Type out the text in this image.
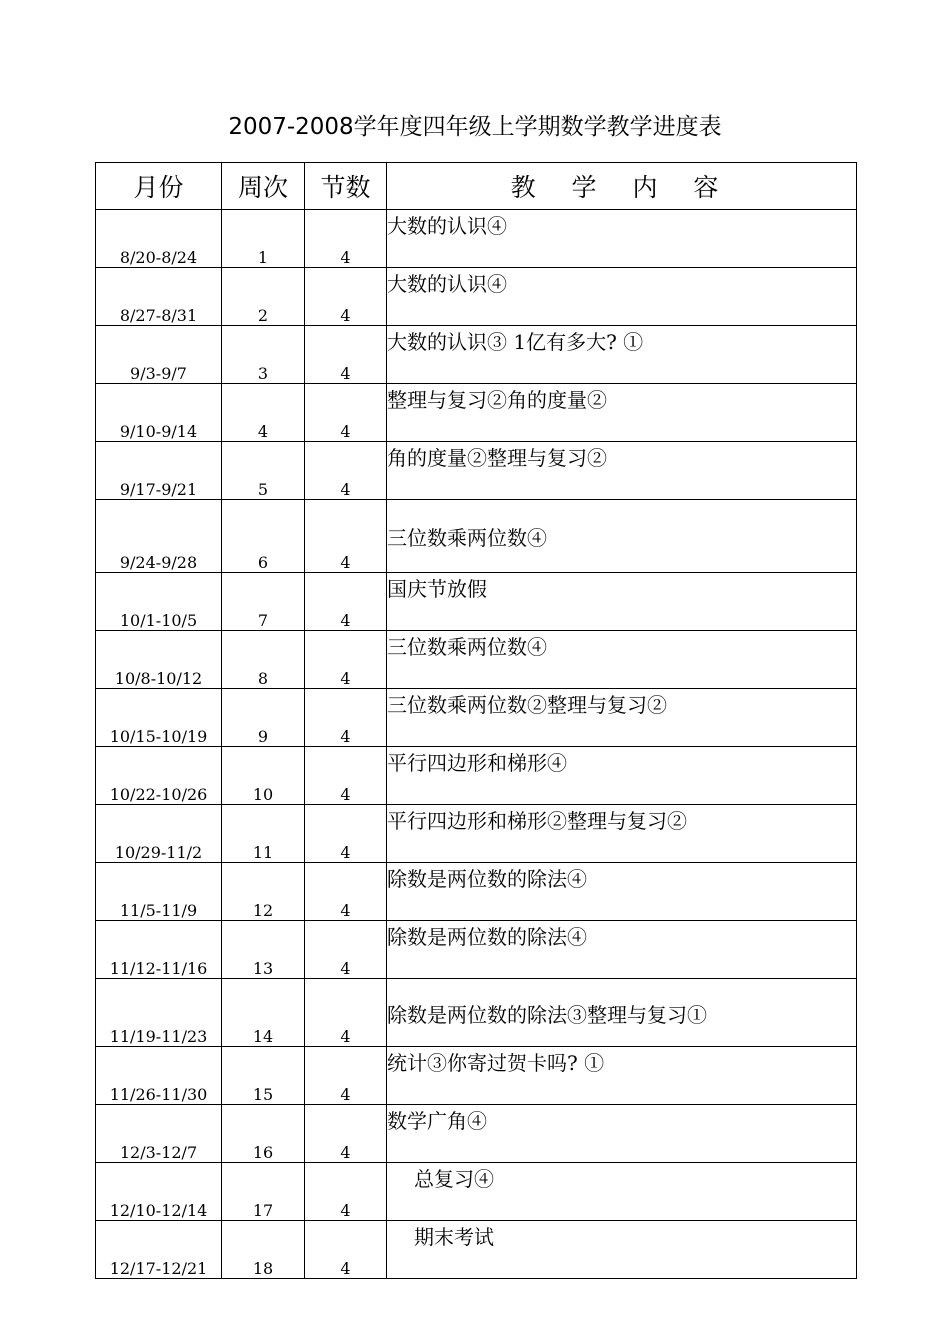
2007-2008学年度四年级上学期数学教学进度表
月份	周次	节数	教 学 内 容
8/20-8/24	1	4	大数的认识④
8/27-8/31	2	4	大数的认识④
9/3-9/7	3	4	大数的认识③ 1亿有多大? ①
9/10-9/14	4	4	整理与复习②角的度量②
9/17-9/21	5	4	角的度量②整理与复习②
9/24-9/28	6	4	三位数乘两位数④
10/1-10/5	7	4	国庆节放假
10/8-10/12	8	4	三位数乘两位数④
10/15-10/19	9	4	三位数乘两位数②整理与复习②
10/22-10/26	10	4	平行四边形和梯形④
10/29-11/2	11	4	平行四边形和梯形②整理与复习②
11/5-11/9	12	4	除数是两位数的除法④
11/12-11/16	13	4	除数是两位数的除法④
11/19-11/23	14	4	除数是两位数的除法③整理与复习①
11/26-11/30	15	4	统计③你寄过贺卡吗? ①
12/3-12/7	16	4	数学广角④
12/10-12/14	17	4	总复习④
12/17-12/21	18	4	期末考试
